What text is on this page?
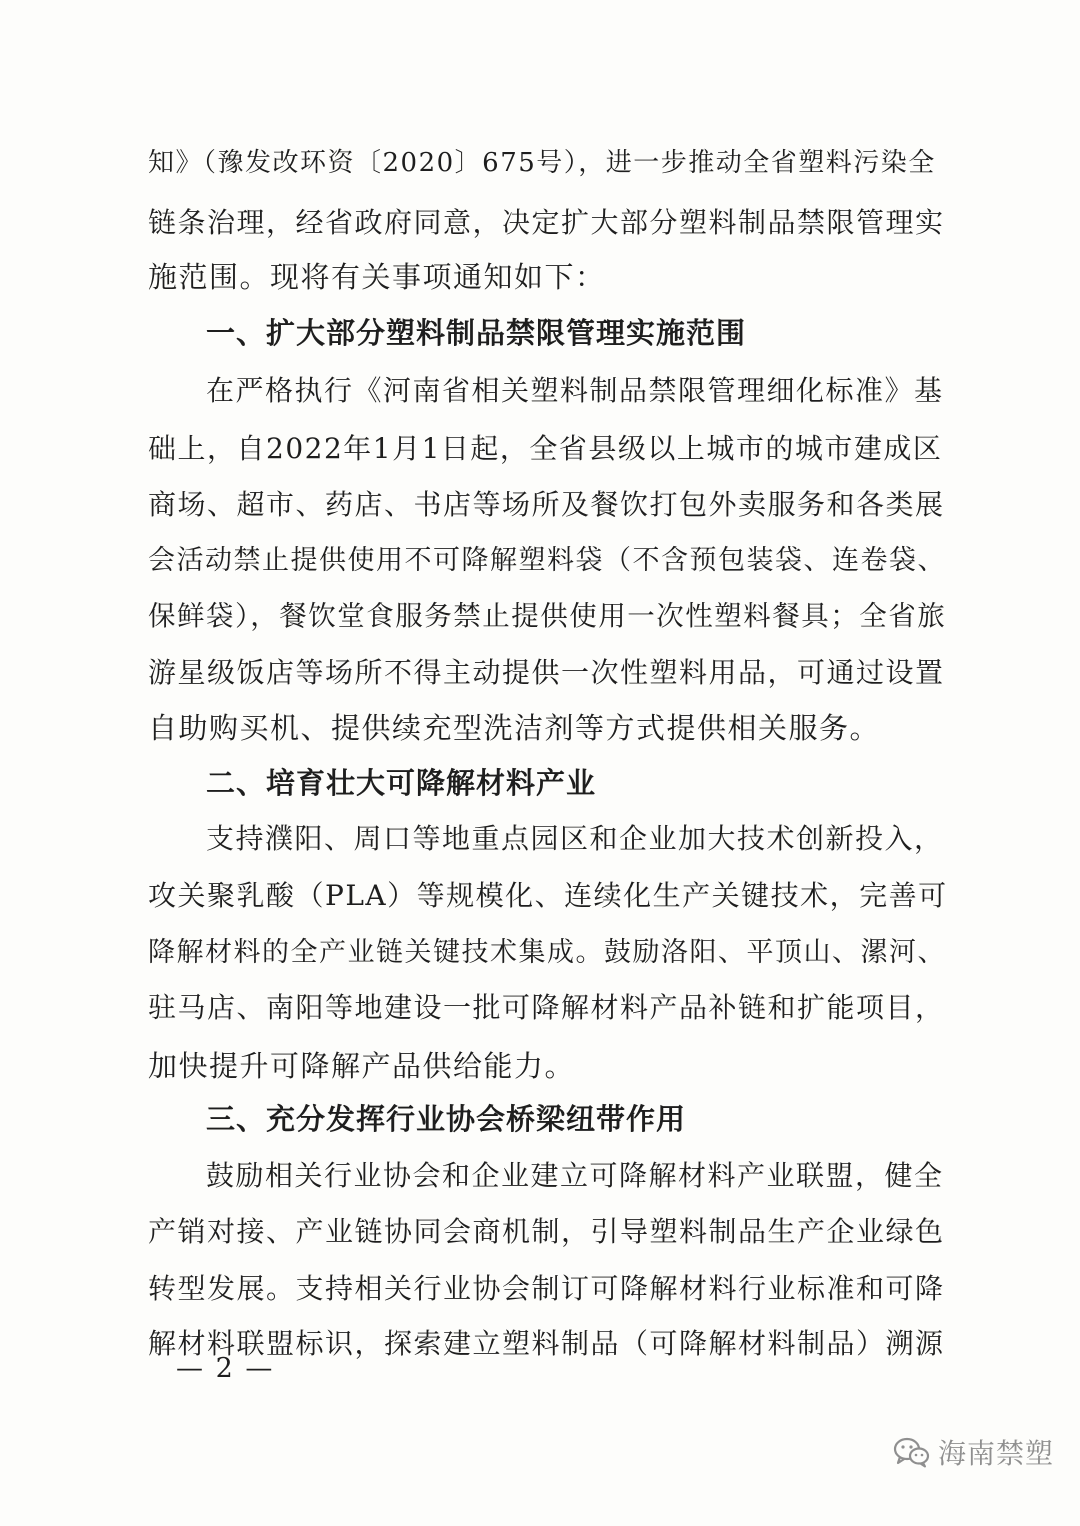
知》（豫发改环资〔2020〕675号），进一步推动全省塑料污染全
链条治理，经省政府同意，决定扩大部分塑料制品禁限管理实
施范围。现将有关事项通知如下：
一、扩大部分塑料制品禁限管理实施范围
在严格执行《河南省相关塑料制品禁限管理细化标准》基
础上，自2022年1月1日起，全省县级以上城市的城市建成区
商场、超市、药店、书店等场所及餐饮打包外卖服务和各类展
会活动禁止提供使用不可降解塑料袋（不含预包装袋、连卷袋、
保鲜袋），餐饮堂食服务禁止提供使用一次性塑料餐具；全省旅
游星级饭店等场所不得主动提供一次性塑料用品，可通过设置
自助购买机、提供续充型洗洁剂等方式提供相关服务。
二、培育壮大可降解材料产业
支持濮阳、周口等地重点园区和企业加大技术创新投入，
攻关聚乳酸（PLA）等规模化、连续化生产关键技术，完善可
降解材料的全产业链关键技术集成。鼓励洛阳、平顶山、漯河、
驻马店、南阳等地建设一批可降解材料产品补链和扩能项目，
加快提升可降解产品供给能力。
三、充分发挥行业协会桥梁纽带作用
鼓励相关行业协会和企业建立可降解材料产业联盟，健全
产销对接、产业链协同会商机制，引导塑料制品生产企业绿色
转型发展。支持相关行业协会制订可降解材料行业标准和可降
解材料联盟标识，探索建立塑料制品（可降解材料制品）溯源
— 2 —
海南禁塑
